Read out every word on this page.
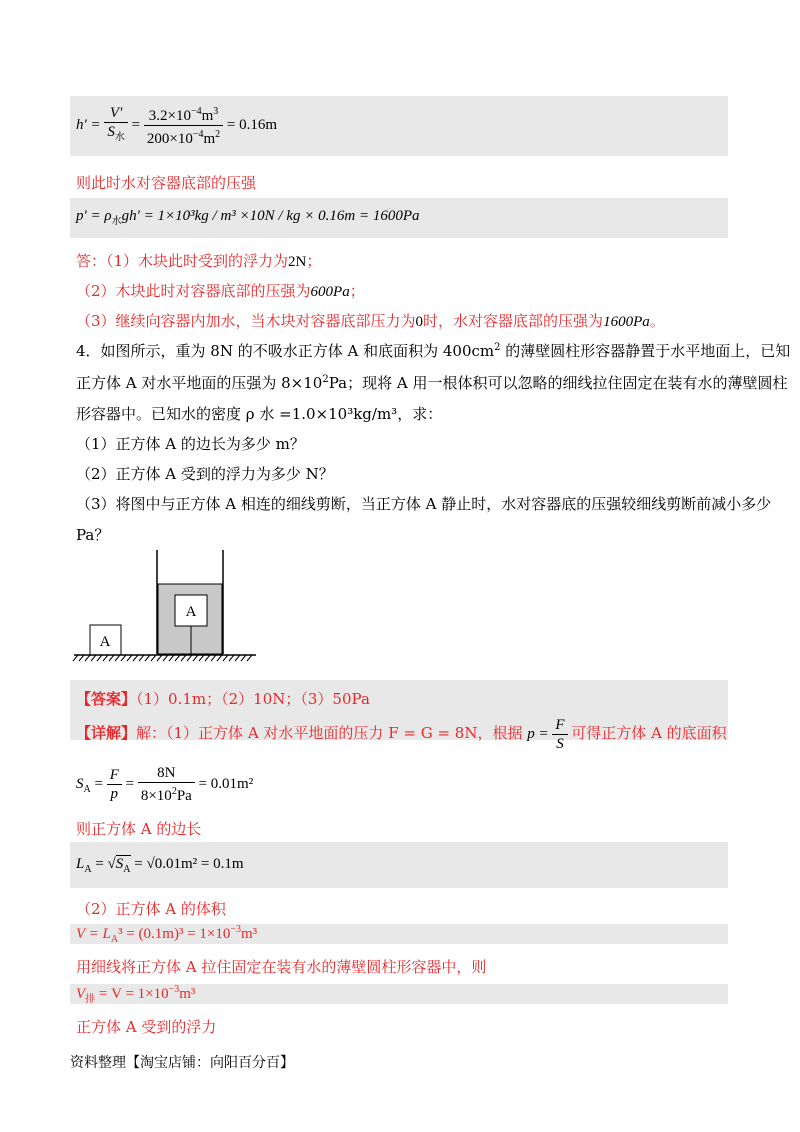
$h' = \frac{V'}{S_水} = \frac{3.2\times 10^{-4}m^3}{200\times 10^{-4}m^2} = 0.16m$
则此时水对容器底部的压强
$p' = \rho_水gh' = 1\times 10^3kg / m^3 \times 10N$ / kg × 0.16m = 1600Pa
答：（1）木块此时受到的浮力为2N；
（2）木块此时对容器底部的压强为600Pa；
（3）继续向容器内加水，当木块对容器底部压力为0时，水对容器底部的压强为1600Pa。
4．如图所示，重为 8N 的不吸水正方体 A 和底面积为 $400cm^2$ 的薄壁圆柱形容器静置于水平地面上，已知
正方体 A 对水平地面的压强为 $8\times 10^2Pa$；现将 A 用一根体积可以忽略的细线拉住固定在装有水的薄壁圆柱
形容器中。已知水的密度 ρ 水 =1.0×10³kg/m³，求：
（1）正方体 A 的边长为多少 m？
（2）正方体 A 受到的浮力为多少 N？
（3）将图中与正方体 A 相连的细线剪断，当正方体 A 静止时，水对容器底的压强较细线剪断前减小多少
Pa？
A
A
【答案】（1）0.1m；（2）10N；（3）50Pa
【详解】解：（1）正方体 A 对水平地面的压力 F = G = 8N，根据 $p = \frac{F}{S}$ 可得正方体 A 的底面积
$S_A = \frac{F}{p} = \frac{8N}{8\times 10^2Pa} = 0.01m^2$
则正方体 A 的边长
$L_A = √S_A = √0.01m^2 = 0.1m$
（2）正方体 A 的体积
$V = L_A^3 = (0.1m)^3 = 1\times 10^{-3}m^3$
用细线将正方体 A 拉住固定在装有水的薄壁圆柱形容器中，则
$V_排 = V = 1\times 10^{-3}m^3$
正方体 A 受到的浮力
资料整理【淘宝店铺：向阳百分百】
